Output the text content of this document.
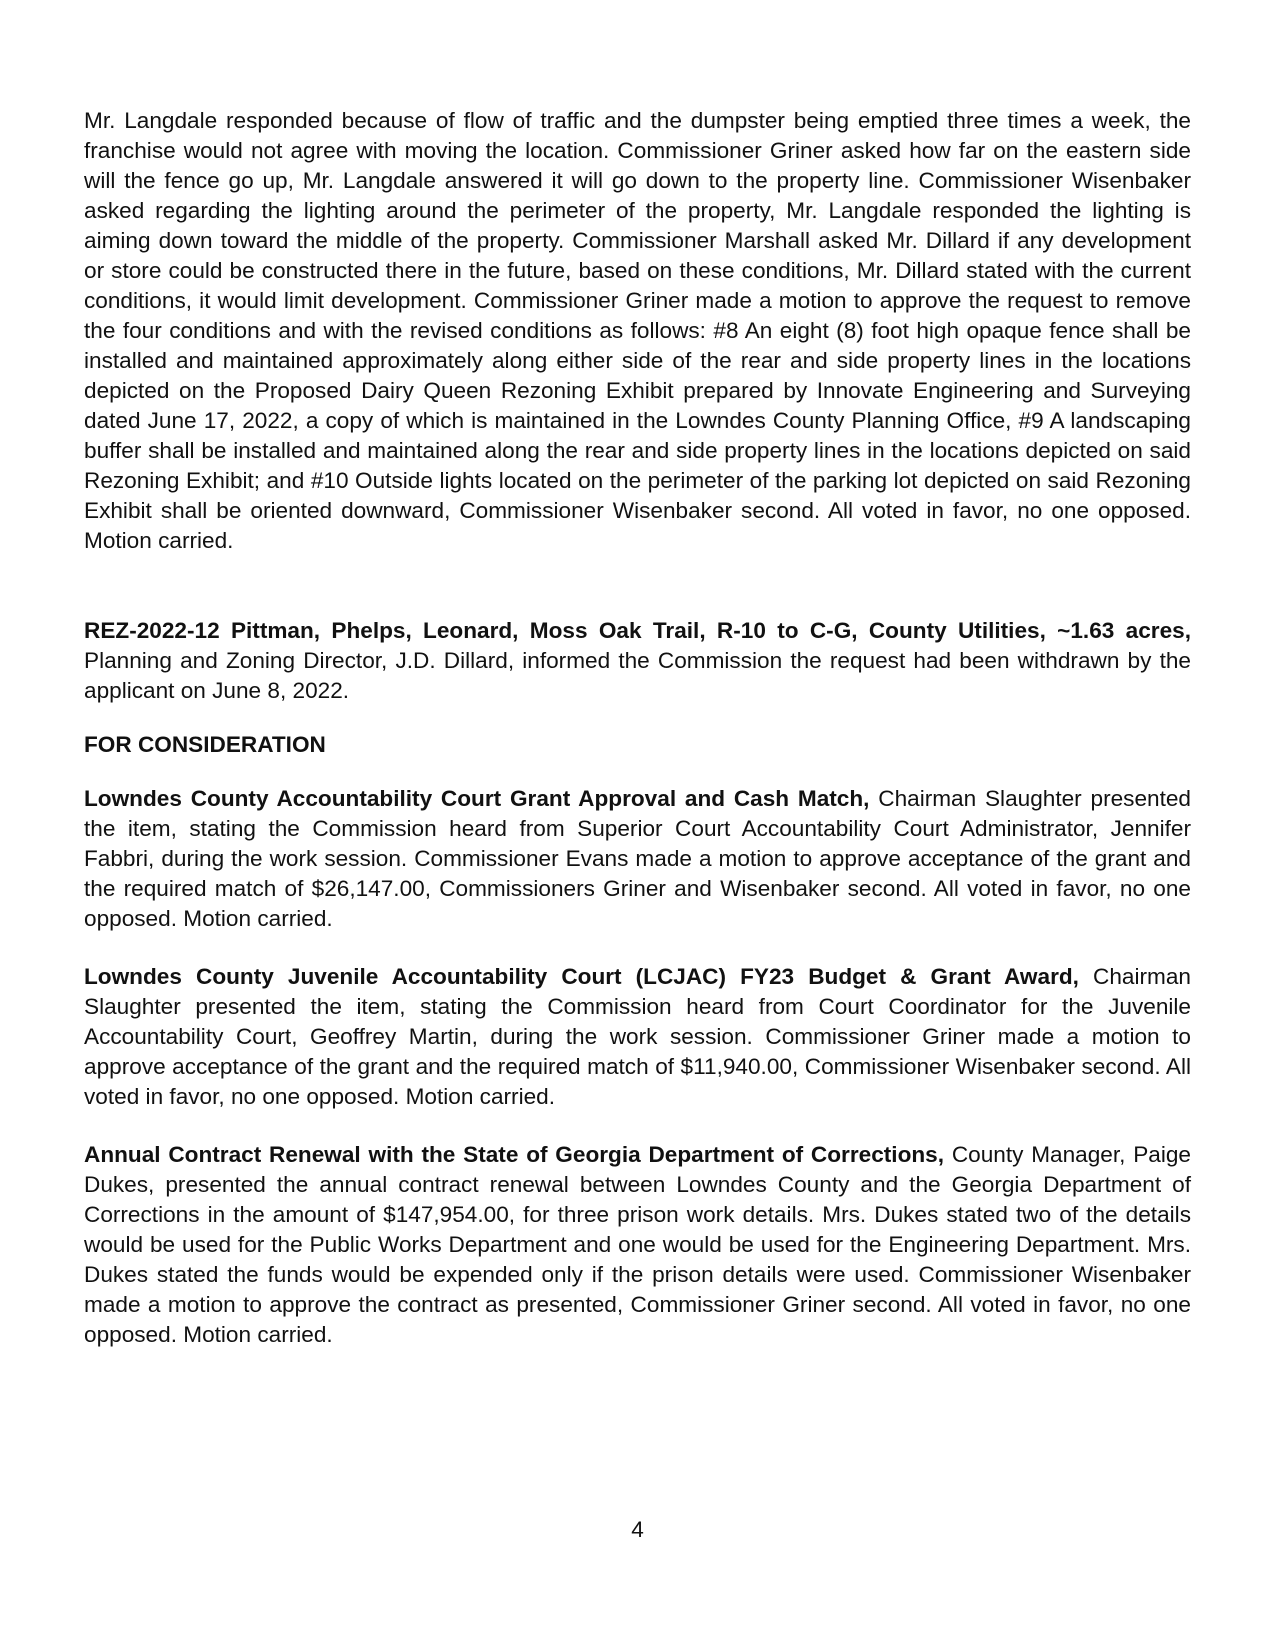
Mr. Langdale responded because of flow of traffic and the dumpster being emptied three times a week, the franchise would not agree with moving the location. Commissioner Griner asked how far on the eastern side will the fence go up, Mr. Langdale answered it will go down to the property line. Commissioner Wisenbaker asked regarding the lighting around the perimeter of the property, Mr. Langdale responded the lighting is aiming down toward the middle of the property. Commissioner Marshall asked Mr. Dillard if any development or store could be constructed there in the future, based on these conditions, Mr. Dillard stated with the current conditions, it would limit development. Commissioner Griner made a motion to approve the request to remove the four conditions and with the revised conditions as follows: #8 An eight (8) foot high opaque fence shall be installed and maintained approximately along either side of the rear and side property lines in the locations depicted on the Proposed Dairy Queen Rezoning Exhibit prepared by Innovate Engineering and Surveying dated June 17, 2022, a copy of which is maintained in the Lowndes County Planning Office, #9 A landscaping buffer shall be installed and maintained along the rear and side property lines in the locations depicted on said Rezoning Exhibit; and #10 Outside lights located on the perimeter of the parking lot depicted on said Rezoning Exhibit shall be oriented downward, Commissioner Wisenbaker second. All voted in favor, no one opposed. Motion carried.

REZ-2022-12 Pittman, Phelps, Leonard, Moss Oak Trail, R-10 to C-G, County Utilities, ~1.63 acres, Planning and Zoning Director, J.D. Dillard, informed the Commission the request had been withdrawn by the applicant on June 8, 2022.

FOR CONSIDERATION

Lowndes County Accountability Court Grant Approval and Cash Match, Chairman Slaughter presented the item, stating the Commission heard from Superior Court Accountability Court Administrator, Jennifer Fabbri, during the work session. Commissioner Evans made a motion to approve acceptance of the grant and the required match of $26,147.00, Commissioners Griner and Wisenbaker second. All voted in favor, no one opposed. Motion carried.

Lowndes County Juvenile Accountability Court (LCJAC) FY23 Budget & Grant Award, Chairman Slaughter presented the item, stating the Commission heard from Court Coordinator for the Juvenile Accountability Court, Geoffrey Martin, during the work session. Commissioner Griner made a motion to approve acceptance of the grant and the required match of $11,940.00, Commissioner Wisenbaker second. All voted in favor, no one opposed. Motion carried.

Annual Contract Renewal with the State of Georgia Department of Corrections, County Manager, Paige Dukes, presented the annual contract renewal between Lowndes County and the Georgia Department of Corrections in the amount of $147,954.00, for three prison work details. Mrs. Dukes stated two of the details would be used for the Public Works Department and one would be used for the Engineering Department. Mrs. Dukes stated the funds would be expended only if the prison details were used. Commissioner Wisenbaker made a motion to approve the contract as presented, Commissioner Griner second. All voted in favor, no one opposed. Motion carried.

4
